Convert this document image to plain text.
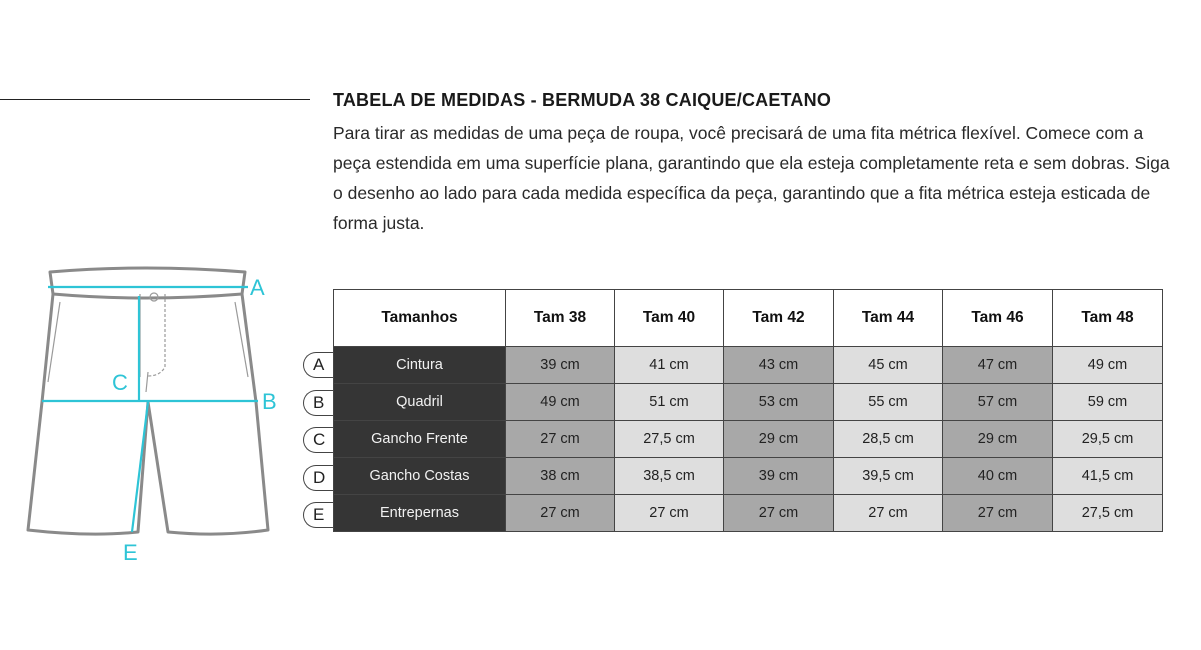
TABELA DE MEDIDAS - BERMUDA 38 CAIQUE/CAETANO
Para tirar as medidas de uma peça de roupa, você precisará de uma fita métrica flexível. Comece com a peça estendida em uma superfície plana, garantindo que ela esteja completamente reta e sem dobras. Siga o desenho ao lado para cada medida específica da peça, garantindo que a fita métrica esteja esticada de forma justa.
A
B
C
E
A
B
C
D
E
Tamanhos	Tam 38	Tam 40	Tam 42	Tam 44	Tam 46	Tam 48
Cintura	39 cm	41 cm	43 cm	45 cm	47 cm	49 cm
Quadril	49 cm	51 cm	53 cm	55 cm	57 cm	59 cm
Gancho Frente	27 cm	27,5 cm	29 cm	28,5 cm	29 cm	29,5 cm
Gancho Costas	38 cm	38,5 cm	39 cm	39,5 cm	40 cm	41,5 cm
Entrepernas	27 cm	27 cm	27 cm	27 cm	27 cm	27,5 cm
